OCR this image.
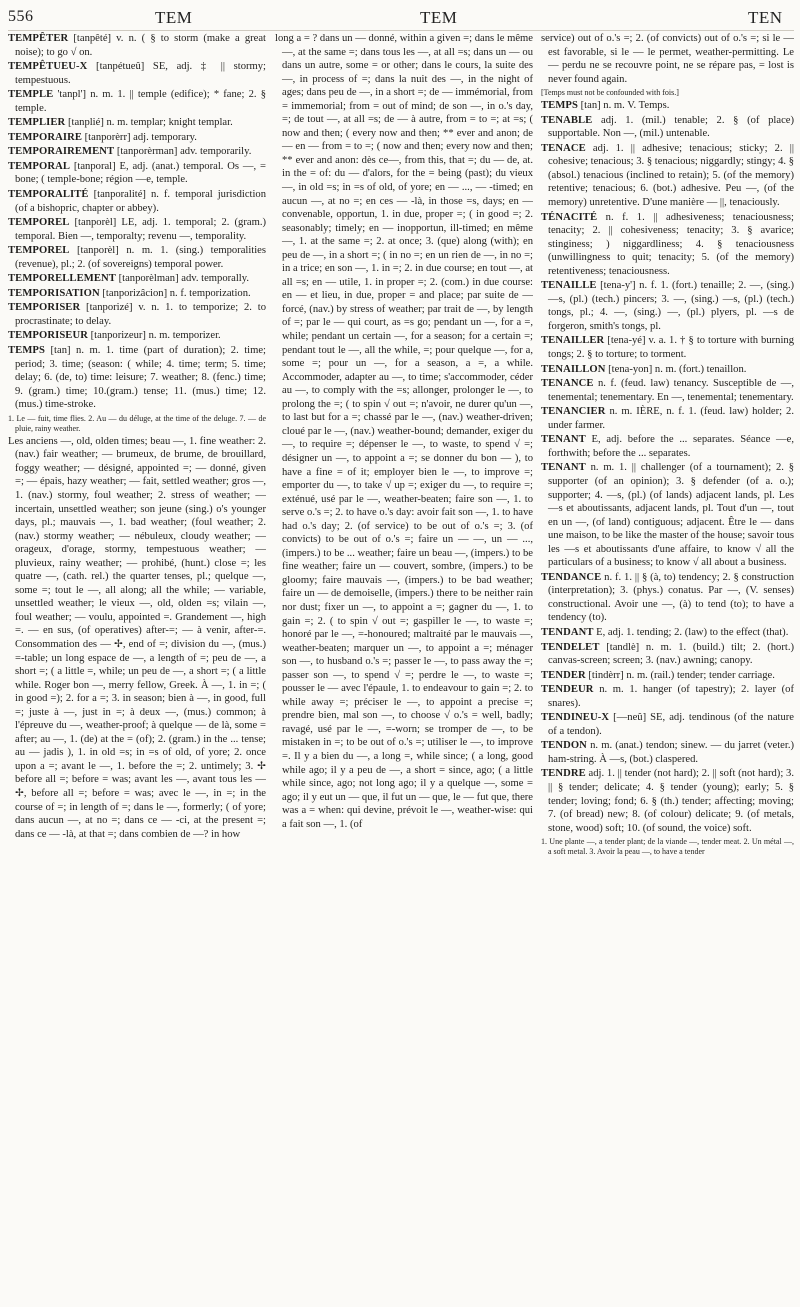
556	TEM	TEM	TEN

TEMPÊTER [tanpêté] v. n. ( § to storm (make a great noise); to go √ on.

TEMPÊTUEU-X [tanpétueû] SE, adj. ‡ || stormy; tempestuous.

TEMPLE 'tanpl'] n. m. 1. || temple (edifice); * fane; 2. § temple.

TEMPLIER [tanplié] n. m. templar; knight templar.

TEMPORAIRE [tanporèrr] adj. temporary.

TEMPORAIREMENT [tanporèrman] adv. temporarily.

TEMPORAL [tanporal] E, adj. (anat.) temporal. Os —, = bone; ( temple-bone; région —e, temple.

TEMPORALITÉ [tanporalité] n. f. temporal jurisdiction (of a bishopric, chapter or abbey).

TEMPOREL [tanporèl] LE, adj. 1. temporal; 2. (gram.) temporal. Bien —, temporalty; revenu —, temporality.

TEMPOREL [tanporèl] n. m. 1. (sing.) temporalities (revenue), pl.; 2. (of sovereigns) temporal power.

TEMPORELLEMENT [tanporèlman] adv. temporally.

TEMPORISATION [tanporizâcion] n. f. temporization.

TEMPORISER [tanporizé] v. n. 1. to temporize; 2. to procrastinate; to delay.

TEMPORISEUR [tanporizeur] n. m. temporizer.

TEMPS [tan] n. m. 1. time (part of duration); 2. time; period; 3. time; (season: ( while; 4. time; term; 5. time; delay; 6. (de, to) time: leisure; 7. weather; 8. (fenc.) time; 9. (gram.) time; 10.(gram.) tense; 11. (mus.) time; 12. (mus.) time-stroke.

1. Le — fuit, time flies. 2. Au — du déluge, at the time of the deluge. 7. — de pluie, rainy weather.

Les anciens —, old, olden times; beau —, 1. fine weather: 2. (nav.) fair weather; — brumeux, de brume, de brouillard, foggy weather; — désigné, appointed =; — donné, given =; — épais, hazy weather; — fait, settled weather; gros —, 1. (nav.) stormy, foul weather; 2. stress of weather; — incertain, unsettled weather; son jeune (sing.) o's younger days, pl.; mauvais —, 1. bad weather; (foul weather; 2. (nav.) stormy weather; — nébuleux, cloudy weather; — orageux, d'orage, stormy, tempestuous weather; — pluvieux, rainy weather; — prohibé, (hunt.) close =; les quatre —, (cath. rel.) the quarter tenses, pl.; quelque —, some =; tout le —, all along; all the while; — variable, unsettled weather; le vieux —, old, olden =s; vilain —, foul weather; — voulu, appointed =. Grandement —, high =. — en sus, (of operatives) after-=; — à venir, after-=. Consommation des — ✢, end of =; division du —, (mus.) =-table; un long espace de —, a length of =; peu de —, a short =; ( a little =, while; un peu de —, a short =; ( a little while. Roger bon —, merry fellow, Greek. À —, 1. in =; ( in good =); 2. for a =; 3. in season; bien à —, in good, full =; juste à —, just in =; à deux —, (mus.) common; à l'épreuve du —, weather-proof; à quelque — de là, some = after; au —, 1. (de) at the = (of); 2. (gram.) in the ... tense; au — jadis ), 1. in old =s; in =s of old, of yore; 2. once upon a =; avant le —, 1. before the =; 2. untimely; 3. ✢ before all =; before = was; avant les —, avant tous les — ✢, before all =; before = was; avec le —, in =; in the course of =; in length of =; dans le —, formerly; ( of yore; dans aucun —, at no =; dans ce — -ci, at the present =; dans ce — -là, at that =; dans combien de —? in how

long a = ? dans un — donné, within a given =; dans le même —, at the same =; dans tous les —, at all =s; dans un — ou dans un autre, some = or other; dans le cours, la suite des —, in process of =; dans la nuit des —, in the night of ages; dans peu de —, in a short =; de — immémorial, from = immemorial; from = out of mind; de son —, in o.'s day, =; de tout —, at all =s; de — à autre, from = to =; at =s; ( now and then; ( every now and then; ** ever and anon; de — en — from = to =; ( now and then; every now and then; ** ever and anon: dès ce—, from this, that =; du — de, at. in the = of: du — d'alors, for the = being (past); du vieux —, in old =s; in =s of old, of yore; en — ..., — -timed; en aucun —, at no =; en ces — -là, in those =s, days; en — convenable, opportun, 1. in due, proper =; ( in good =; 2. seasonably; timely; en — inopportun, ill-timed; en même —, 1. at the same =; 2. at once; 3. (que) along (with); en peu de —, in a short =; ( in no =; en un rien de —, in no =; in a trice; en son —, 1. in =; 2. in due course; en tout —, at all =s; en — utile, 1. in proper =; 2. (com.) in due course: en — et lieu, in due, proper = and place; par suite de — forcé, (nav.) by stress of weather; par trait de —, by length of =; par le — qui court, as =s go; pendant un —, for a =, while; pendant un certain —, for a season; for a certain =; pendant tout le —, all the while, =; pour quelque —, for a, some =; pour un —, for a season, a =, a while. Accommoder, adapter au —, to time; s'accommoder, céder au —, to comply with the =s; allonger, prolonger le —, to prolong the =; ( to spin √ out =; n'avoir, ne durer qu'un —, to last but for a =; chassé par le —, (nav.) weather-driven; cloué par le —, (nav.) weather-bound; demander, exiger du —, to require =; dépenser le —, to waste, to spend √ =; désigner un —, to appoint a =; se donner du bon — ), to have a fine = of it; employer bien le —, to improve =; emporter du —, to take √ up =; exiger du —, to require =; exténué, usé par le —, weather-beaten; faire son —, 1. to serve o.'s =; 2. to have o.'s day: avoir fait son —, 1. to have had o.'s day; 2. (of service) to be out of o.'s =; 3. (of convicts) to be out of o.'s =; faire un — —, un — ..., (impers.) to be ... weather; faire un beau —, (impers.) to be fine weather; faire un — couvert, sombre, (impers.) to be gloomy; faire mauvais —, (impers.) to be bad weather; faire un — de demoiselle, (impers.) there to be neither rain nor dust; fixer un —, to appoint a =; gagner du —, 1. to gain =; 2. ( to spin √ out =; gaspiller le —, to waste =; honoré par le —, =-honoured; maltraité par le mauvais —, weather-beaten; marquer un —, to appoint a =; ménager son —, to husband o.'s =; passer le —, to pass away the =; passer son —, to spend √ =; perdre le —, to waste =; pousser le — avec l'épaule, 1. to endeavour to gain =; 2. to while away =; préciser le —, to appoint a precise =; prendre bien, mal son —, to choose √ o.'s = well, badly; ravagé, usé par le —, =-worn; se tromper de —, to be mistaken in =; to be out of o.'s =; utiliser le —, to improve =. Il y a bien du —, a long =, while since; ( a long, good while ago; il y a peu de —, a short = since, ago; ( a little while since, ago; not long ago; il y a quelque —, some = ago; il y eut un — que, il fut un — que, le — fut que, there was a = when: qui devine, prévoit le —, weather-wise: qui a fait son —, 1. (of

service) out of o.'s =; 2. (of convicts) out of o.'s =; si le — est favorable, si le — le permet, weather-permitting. Le — perdu ne se recouvre point, ne se répare pas, = lost is never found again.

[Temps must not be confounded with fois.]

TEMPS [tan] n. m. V. Temps.

TENABLE adj. 1. (mil.) tenable; 2. § (of place) supportable. Non —, (mil.) untenable.

TENACE adj. 1. || adhesive; tenacious; sticky; 2. || cohesive; tenacious; 3. § tenacious; niggardly; stingy; 4. § (absol.) tenacious (inclined to retain); 5. (of the memory) retentive; tenacious; 6. (bot.) adhesive. Peu —, (of the memory) unretentive. D'une manière — ||, tenaciously.

TÉNACITÉ n. f. 1. || adhesiveness; tenaciousness; tenacity; 2. || cohesiveness; tenacity; 3. § avarice; stinginess; ) niggardliness; 4. § tenaciousness (unwillingness to quit; tenacity; 5. (of the memory) retentiveness; tenaciousness.

TENAILLE [tena-y'] n. f. 1. (fort.) tenaille; 2. —, (sing.) —s, (pl.) (tech.) pincers; 3. —, (sing.) —s, (pl.) (tech.) tongs, pl.; 4. —, (sing.) —, (pl.) plyers, pl. —s de forgeron, smith's tongs, pl.

TENAILLER [tena-yé] v. a. 1. † § to torture with burning tongs; 2. § to torture; to torment.

TENAILLON [tena-yon] n. m. (fort.) tenaillon.

TENANCE n. f. (feud. law) tenancy. Susceptible de —, tenemental; tenementary. En —, tenemental; tenementary.

TENANCIER n. m. IÈRE, n. f. 1. (feud. law) holder; 2. under farmer.

TENANT E, adj. before the ... separates. Séance —e, forthwith; before the ... separates.

TENANT n. m. 1. || challenger (of a tournament); 2. § supporter (of an opinion); 3. § defender (of a. o.); supporter; 4. —s, (pl.) (of lands) adjacent lands, pl. Les —s et aboutissants, adjacent lands, pl. Tout d'un —, tout en un —, (of land) contiguous; adjacent. Être le — dans une maison, to be like the master of the house; savoir tous les —s et aboutissants d'une affaire, to know √ all the particulars of a business; to know √ all about a business.

TENDANCE n. f. 1. || § (à, to) tendency; 2. § construction (interpretation); 3. (phys.) conatus. Par —, (V. senses) constructional. Avoir une —, (à) to tend (to); to have a tendency (to).

TENDANT E, adj. 1. tending; 2. (law) to the effect (that).

TENDELET [tandlè] n. m. 1. (build.) tilt; 2. (hort.) canvas-screen; screen; 3. (nav.) awning; canopy.

TENDER [tindèrr] n. m. (rail.) tender; tender carriage.

TENDEUR n. m. 1. hanger (of tapestry); 2. layer (of snares).

TENDINEU-X [—neû] SE, adj. tendinous (of the nature of a tendon).

TENDON n. m. (anat.) tendon; sinew. — du jarret (veter.) ham-string. À —s, (bot.) claspered.

TENDRE adj. 1. || tender (not hard); 2. || soft (not hard); 3. || § tender; delicate; 4. § tender (young); early; 5. § tender; loving; fond; 6. § (th.) tender; affecting; moving; 7. (of bread) new; 8. (of colour) delicate; 9. (of metals, stone, wood) soft; 10. (of sound, the voice) soft.

1. Une plante —, a tender plant; de la viande —, tender meat. 2. Un métal —, a soft metal. 3. Avoir la peau —, to have a tender
